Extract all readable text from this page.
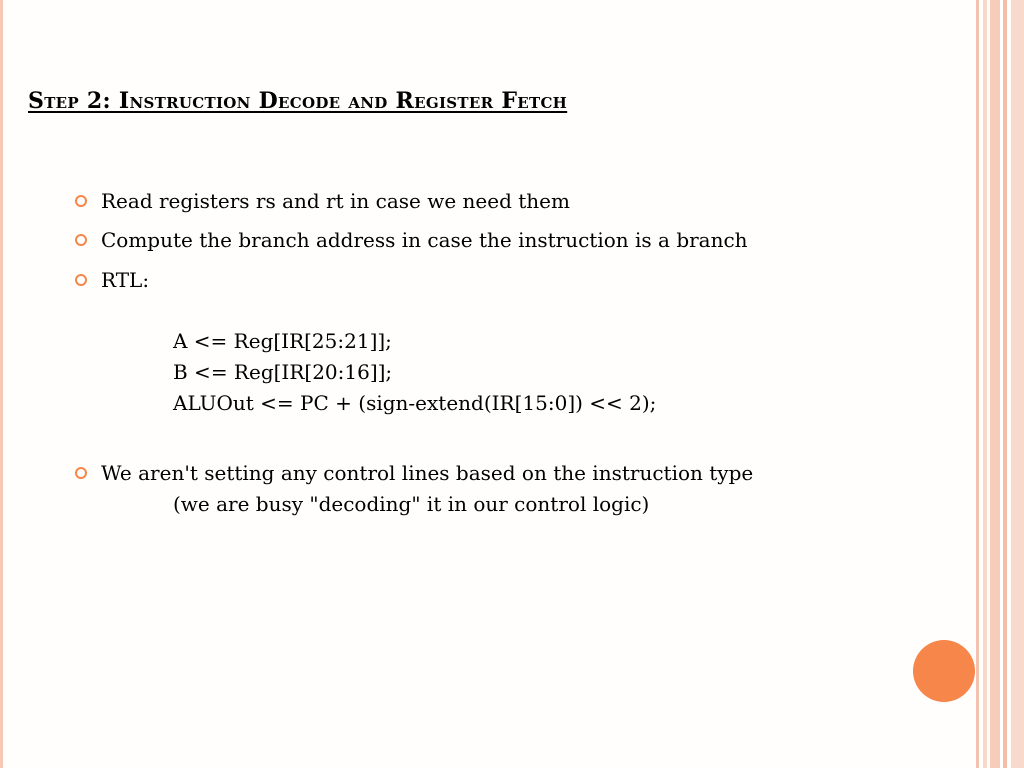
Step 2: Instruction Decode and Register Fetch
Read registers rs and rt in case we need them
Compute the branch address in case the instruction is a branch
RTL:
A <= Reg[IR[25:21]];
B <= Reg[IR[20:16]];
ALUOut <= PC + (sign-extend(IR[15:0]) << 2);
We aren't setting any control lines based on the instruction type
(we are busy "decoding" it in our control logic)
